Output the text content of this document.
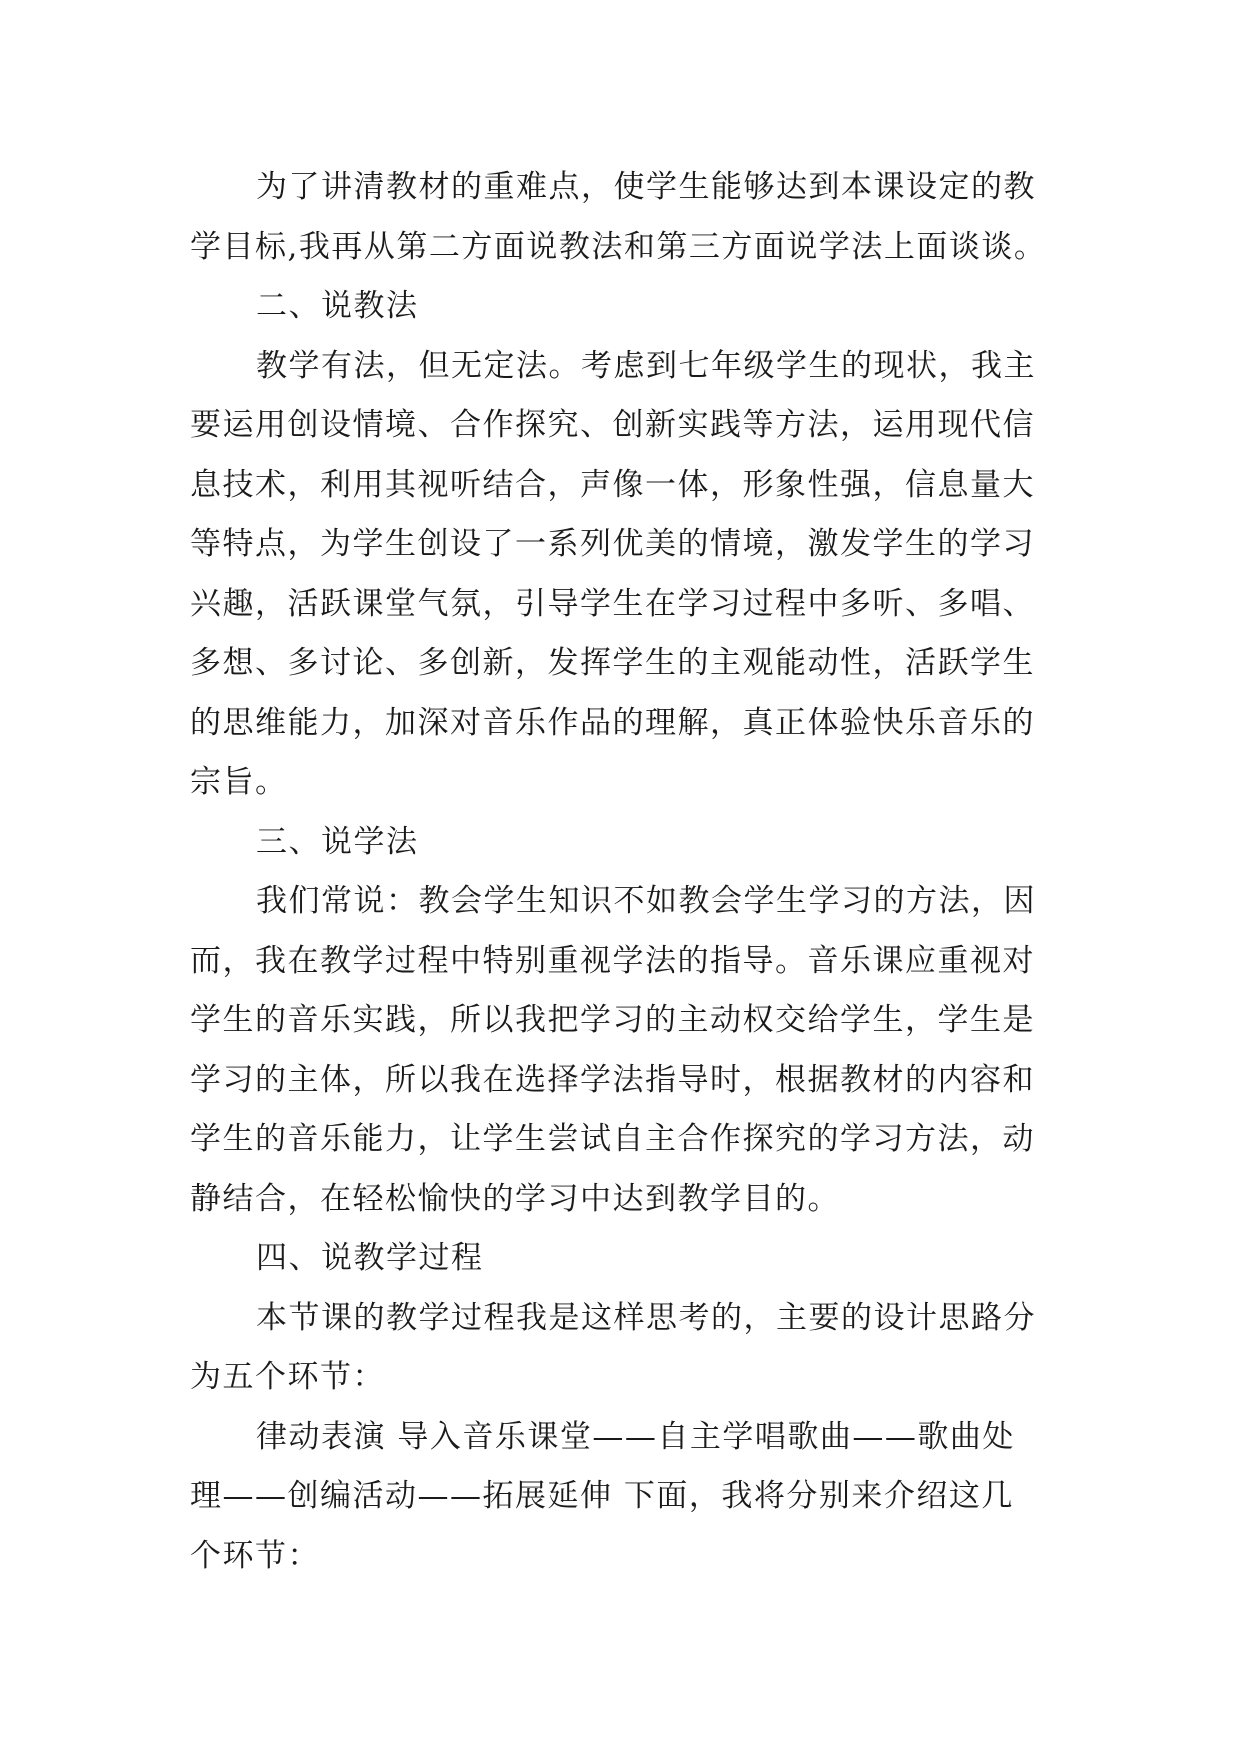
为了讲清教材的重难点，使学生能够达到本课设定的教
学目标,我再从第二方面说教法和第三方面说学法上面谈谈。
二、说教法
教学有法，但无定法。考虑到七年级学生的现状，我主
要运用创设情境、合作探究、创新实践等方法，运用现代信
息技术，利用其视听结合，声像一体，形象性强，信息量大
等特点，为学生创设了一系列优美的情境，激发学生的学习
兴趣，活跃课堂气氛，引导学生在学习过程中多听、多唱、
多想、多讨论、多创新，发挥学生的主观能动性，活跃学生
的思维能力，加深对音乐作品的理解，真正体验快乐音乐的
宗旨。
三、说学法
我们常说：教会学生知识不如教会学生学习的方法，因
而，我在教学过程中特别重视学法的指导。音乐课应重视对
学生的音乐实践，所以我把学习的主动权交给学生，学生是
学习的主体，所以我在选择学法指导时，根据教材的内容和
学生的音乐能力，让学生尝试自主合作探究的学习方法，动
静结合，在轻松愉快的学习中达到教学目的。
四、说教学过程
本节课的教学过程我是这样思考的，主要的设计思路分
为五个环节：
律动表演 导入音乐课堂——自主学唱歌曲——歌曲处
理——创编活动——拓展延伸 下面，我将分别来介绍这几
个环节：
